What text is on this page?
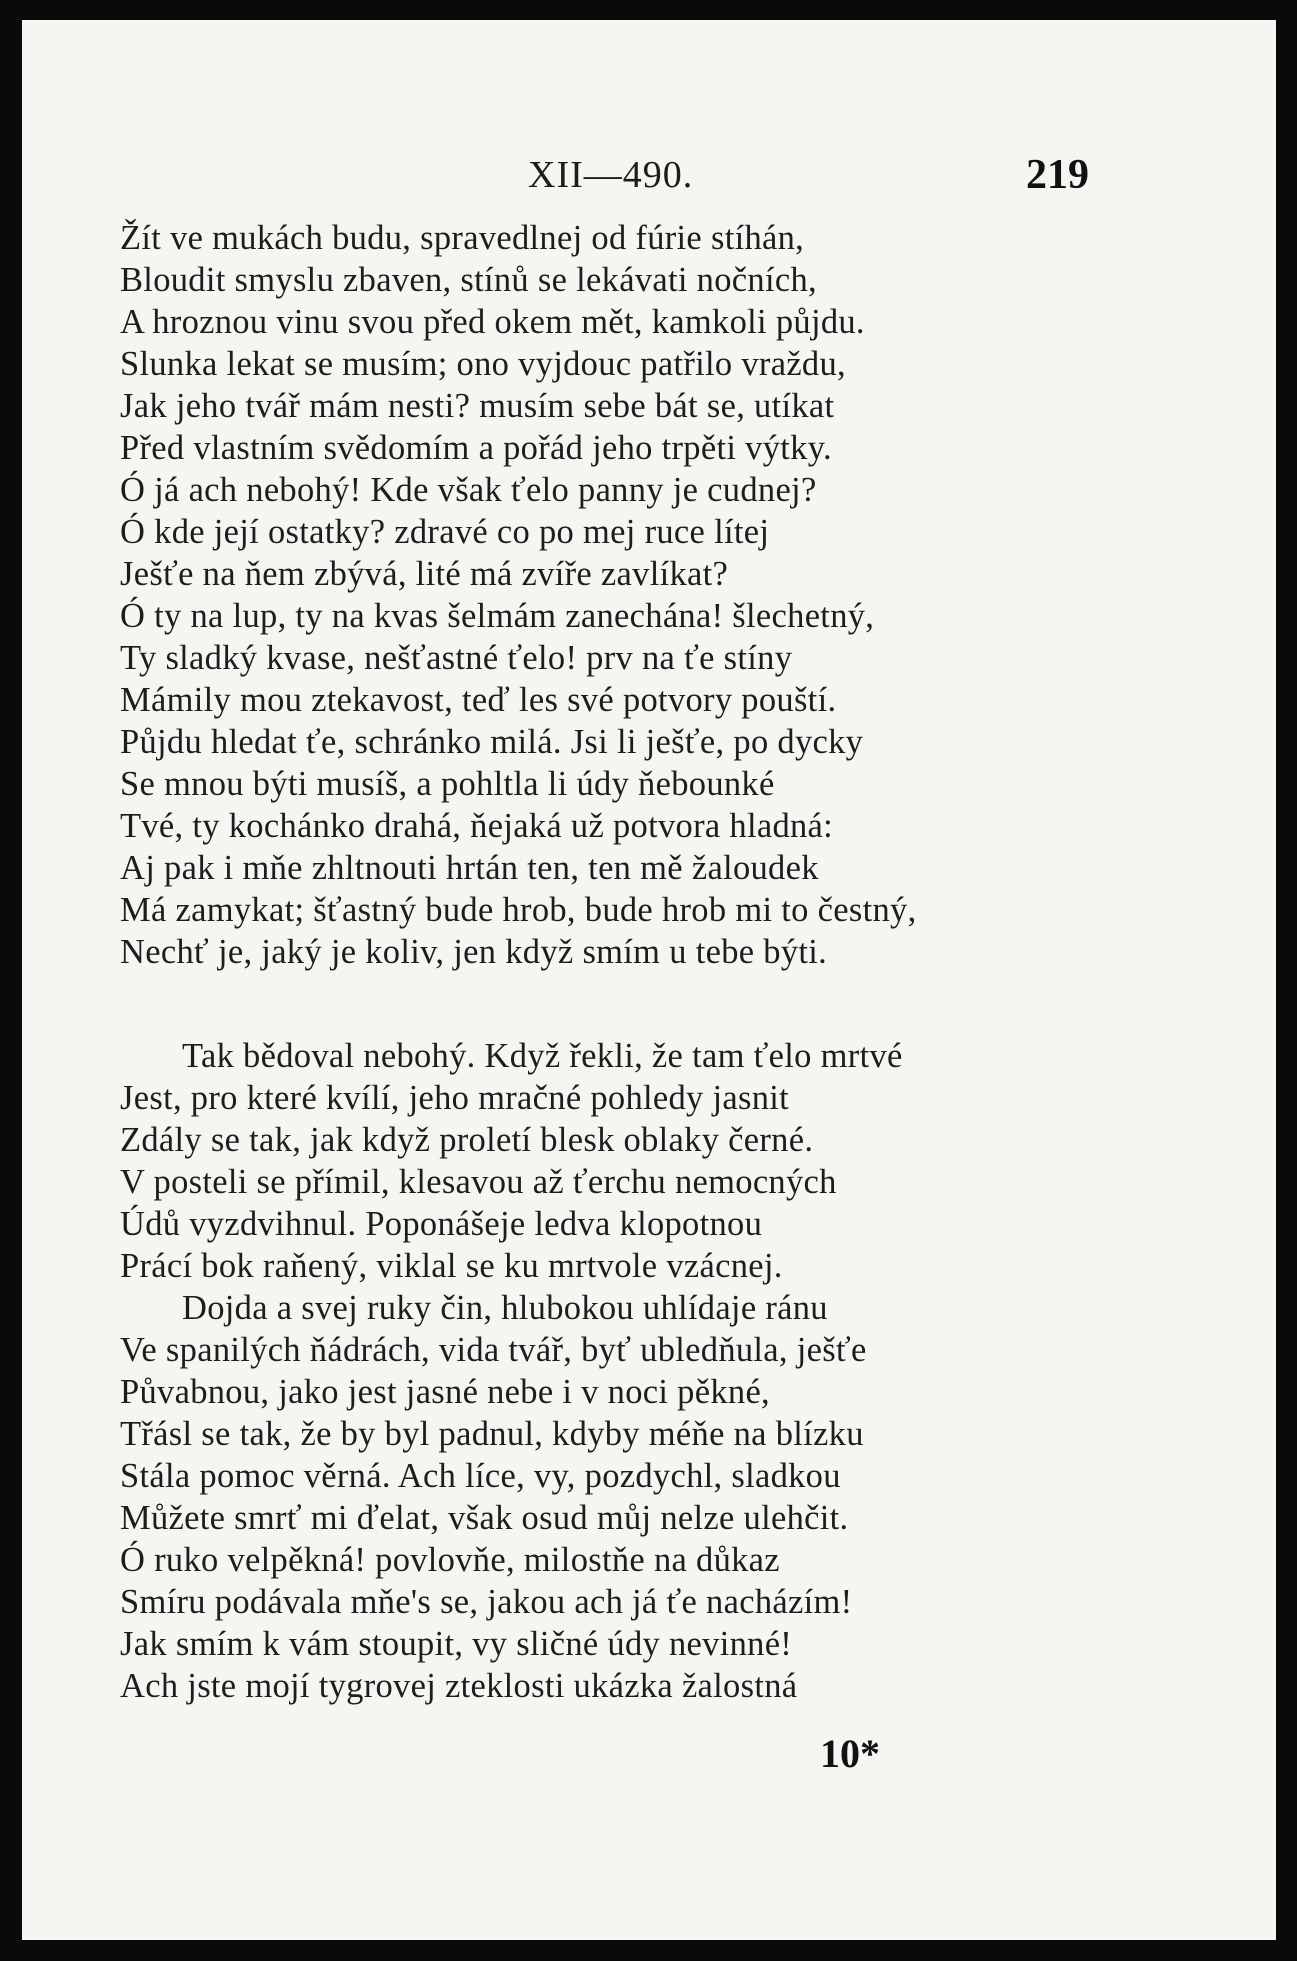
XII—490.	219
Žít ve mukách budu, spravedlnej od fúrie stíhán,
Bloudit smyslu zbaven, stínů se lekávati nočních,
A hroznou vinu svou před okem mět, kamkoli půjdu.
Slunka lekat se musím; ono vyjdouc patřilo vraždu,
Jak jeho tvář mám nesti? musím sebe bát se, utíkat
Před vlastním svědomím a pořád jeho trpěti výtky.
Ó já ach nebohý! Kde však ťelo panny je cudnej?
Ó kde její ostatky? zdravé co po mej ruce lítej
Ješťe na ňem zbývá, lité má zvíře zavlíkat?
Ó ty na lup, ty na kvas šelmám zanechána! šlechetný,
Ty sladký kvase, nešťastné ťelo! prv na ťe stíny
Mámily mou ztekavost, teď les své potvory pouští.
Půjdu hledat ťe, schránko milá. Jsi li ješťe, po dycky
Se mnou býti musíš, a pohltla li údy ňebounké
Tvé, ty kochánko drahá, ňejaká už potvora hladná:
Aj pak i mňe zhltnouti hrtán ten, ten mě žaloudek
Má zamykat; šťastný bude hrob, bude hrob mi to čestný,
Nechť je, jaký je koliv, jen když smím u tebe býti.
Tak bědoval nebohý. Když řekli, že tam ťelo mrtvé
Jest, pro které kvílí, jeho mračné pohledy jasnit
Zdály se tak, jak když proletí blesk oblaky černé.
V posteli se přímil, klesavou až ťerchu nemocných
Údů vyzdvihnul. Poponášeje ledva klopotnou
Prácí bok raňený, viklal se ku mrtvole vzácnej.
Dojda a svej ruky čin, hlubokou uhlídaje ránu
Ve spanilých ňádrách, vida tvář, byť ubledňula, ješťe
Půvabnou, jako jest jasné nebe i v noci pěkné,
Třásl se tak, že by byl padnul, kdyby méňe na blízku
Stála pomoc věrná. Ach líce, vy, pozdychl, sladkou
Můžete smrť mi ďelat, však osud můj nelze ulehčit.
Ó ruko velpěkná! povlovňe, milostňe na důkaz
Smíru podávala mňe's se, jakou ach já ťe nacházím!
Jak smím k vám stoupit, vy sličné údy nevinné!
Ach jste mojí tygrovej zteklosti ukázka žalostná
10*
